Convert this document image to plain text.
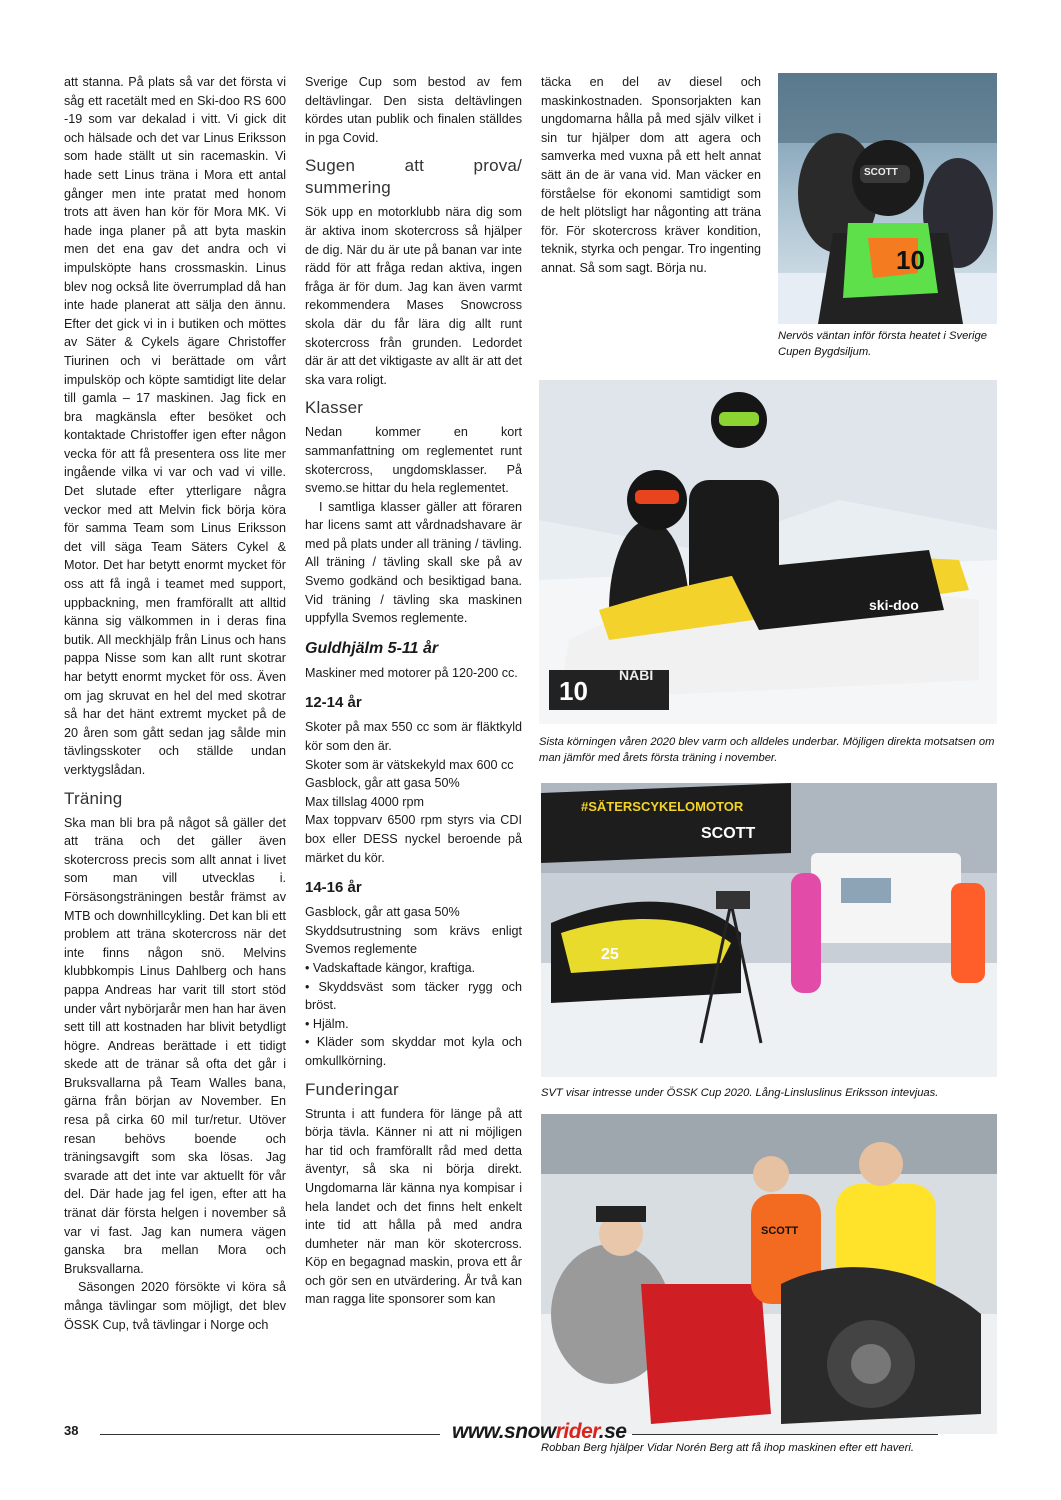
att stanna. På plats så var det första vi såg ett racetält med en Ski-doo RS 600 -19 som var dekalad i vitt. Vi gick dit och hälsade och det var Linus Eriksson som hade ställt ut sin racemaskin. Vi hade sett Linus träna i Mora ett antal gånger men inte pratat med honom trots att även han kör för Mora MK. Vi hade inga planer på att byta maskin men det ena gav det andra och vi impulsköpte hans crossmaskin. Linus blev nog också lite överrumplad då han inte hade planerat att sälja den ännu. Efter det gick vi in i butiken och möttes av Säter & Cykels ägare Christoffer Tiurinen och vi berättade om vårt impulsköp och köpte samtidigt lite delar till gamla – 17 maskinen. Jag fick en bra magkänsla efter besöket och kontaktade Christoffer igen efter någon vecka för att få presentera oss lite mer ingående vilka vi var och vad vi ville. Det slutade efter ytterligare några veckor med att Melvin fick börja köra för samma Team som Linus Eriksson det vill säga Team Säters Cykel & Motor. Det har betytt enormt mycket för oss att få ingå i teamet med support, uppbackning, men framförallt att alltid känna sig välkommen in i deras fina butik. All meckhjälp från Linus och hans pappa Nisse som kan allt runt skotrar har betytt enormt mycket för oss. Även om jag skruvat en hel del med skotrar så har det hänt extremt mycket på de 20 åren som gått sedan jag sålde min tävlingsskoter och ställde undan verktygslådan.

Träning

Ska man bli bra på något så gäller det att träna och det gäller även skotercross precis som allt annat i livet som man vill utvecklas i. Försäsongsträningen består främst av MTB och downhillcykling. Det kan bli ett problem att träna skotercross när det inte finns någon snö. Melvins klubbkompis Linus Dahlberg och hans pappa Andreas har varit till stort stöd under vårt nybörjarår men han har även sett till att kostnaden har blivit betydligt högre. Andreas berättade i ett tidigt skede att de tränar så ofta det går i Bruksvallarna på Team Walles bana, gärna från början av November. En resa på cirka 60 mil tur/retur. Utöver resan behövs boende och träningsavgift som ska lösas. Jag svarade att det inte var aktuellt för vår del. Där hade jag fel igen, efter att ha tränat där första helgen i november så var vi fast. Jag kan numera vägen ganska bra mellan Mora och Bruksvallarna.

Säsongen 2020 försökte vi köra så många tävlingar som möjligt, det blev ÖSSK Cup, två tävlingar i Norge och

Sverige Cup som bestod av fem deltävlingar. Den sista deltävlingen kördes utan publik och finalen ställdes in pga Covid.

Sugen att prova/ summering

Sök upp en motorklubb nära dig som är aktiva inom skotercross så hjälper de dig. När du är ute på banan var inte rädd för att fråga redan aktiva, ingen fråga är för dum. Jag kan även varmt rekommendera Mases Snowcross skola där du får lära dig allt runt skotercross från grunden. Ledordet där är att det viktigaste av allt är att det ska vara roligt.

Klasser

Nedan kommer en kort sammanfattning om reglementet runt skotercross, ungdomsklasser. På svemo.se hittar du hela reglementet.

I samtliga klasser gäller att föraren har licens samt att vårdnadshavare är med på plats under all träning / tävling. All träning / tävling skall ske på av Svemo godkänd och besiktigad bana. Vid träning / tävling ska maskinen uppfylla Svemos reglemente.

Guldhjälm 5-11 år

Maskiner med motorer på 120-200 cc.

12-14 år

Skoter på max 550 cc som är fläktkyld kör som den är.

Skoter som är vätskekyld max 600 cc

Gasblock, går att gasa 50%

Max tillslag 4000 rpm

Max toppvarv 6500 rpm styrs via CDI box eller DESS nyckel beroende på märket du kör.

14-16 år

Gasblock, går att gasa 50%

Skyddsutrustning som krävs enligt Svemos reglemente

• Vadskaftade kängor, kraftiga.

• Skyddsväst som täcker rygg och bröst.

• Hjälm.

• Kläder som skyddar mot kyla och omkullkörning.

Funderingar

Strunta i att fundera för länge på att börja tävla. Känner ni att ni möjligen har tid och framförallt råd med detta äventyr, så ska ni börja direkt. Ungdomarna lär känna nya kompisar i hela landet och det finns helt enkelt inte tid att hålla på med andra dumheter när man kör skotercross. Köp en begagnad maskin, prova ett år och gör sen en utvärdering. År två kan man ragga lite sponsorer som kan

täcka en del av diesel och maskinkostnaden. Sponsorjakten kan ungdomarna hålla på med själv vilket i sin tur hjälper dom att agera och samverka med vuxna på ett helt annat sätt än de är vana vid. Man väcker en förståelse för ekonomi samtidigt som de helt plötsligt har någonting att träna för. För skotercross kräver kondition, teknik, styrka och pengar. Tro ingenting annat. Så som sagt. Börja nu.	10
SCOTT
Nervös väntan inför första heatet i Sverige Cupen Bygdsiljum.
10
ski-doo
NABI
Sista körningen våren 2020 blev varm och alldeles underbar. Möjligen direkta motsatsen om man jämför med årets första träning i november.
#SÄTERSCYKELOMOTOR
SCOTT
25
SVT visar intresse under ÖSSK Cup 2020. Lång-Linsluslinus Eriksson intevjuas.
SCOTT
Robban Berg hjälper Vidar Norén Berg att få ihop maskinen efter ett haveri.
38	www.snowrider.se
